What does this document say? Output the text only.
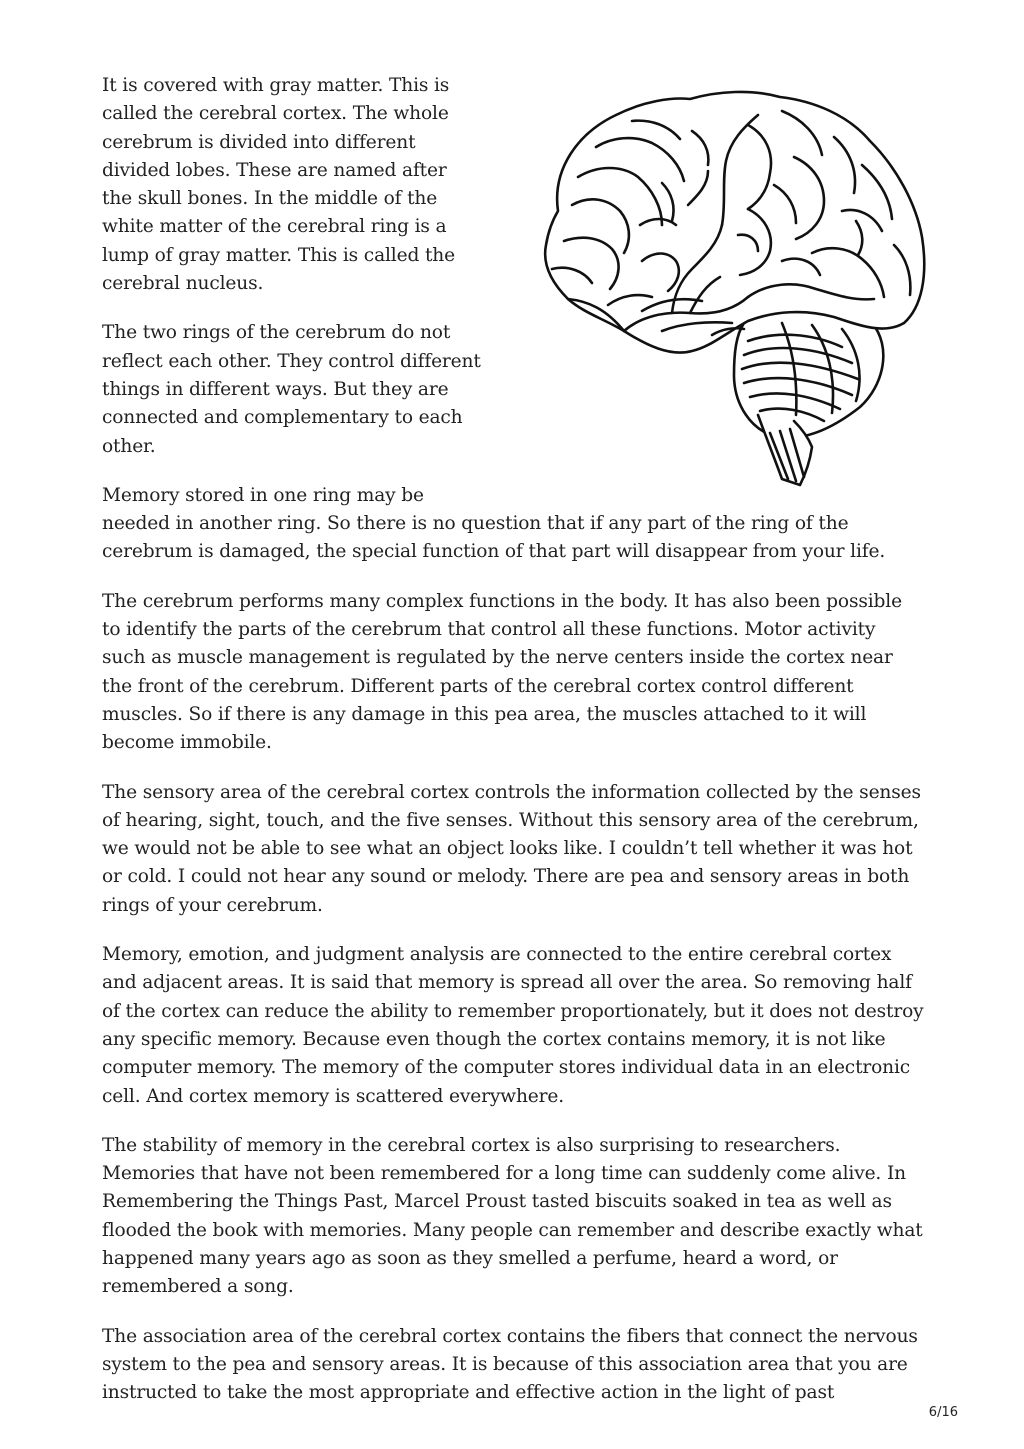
It is covered with gray matter. This is called the cerebral cortex. The whole cerebrum is divided into different divided lobes. These are named after the skull bones. In the middle of the white matter of the cerebral ring is a lump of gray matter. This is called the cerebral nucleus.

The two rings of the cerebrum do not reflect each other. They control different things in different ways. But they are connected and complementary to each other.

Memory stored in one ring may be needed in another ring. So there is no question that if any part of the ring of the cerebrum is damaged, the special function of that part will disappear from your life.

The cerebrum performs many complex functions in the body. It has also been possible to identify the parts of the cerebrum that control all these functions. Motor activity such as muscle management is regulated by the nerve centers inside the cortex near the front of the cerebrum. Different parts of the cerebral cortex control different muscles. So if there is any damage in this pea area, the muscles attached to it will become immobile.

The sensory area of the cerebral cortex controls the information collected by the senses of hearing, sight, touch, and the five senses. Without this sensory area of the cerebrum, we would not be able to see what an object looks like. I couldn’t tell whether it was hot or cold. I could not hear any sound or melody. There are pea and sensory areas in both rings of your cerebrum.

Memory, emotion, and judgment analysis are connected to the entire cerebral cortex and adjacent areas. It is said that memory is spread all over the area. So removing half of the cortex can reduce the ability to remember proportionately, but it does not destroy any specific memory. Because even though the cortex contains memory, it is not like computer memory. The memory of the computer stores individual data in an electronic cell. And cortex memory is scattered everywhere.

The stability of memory in the cerebral cortex is also surprising to researchers. Memories that have not been remembered for a long time can suddenly come alive. In Remembering the Things Past, Marcel Proust tasted biscuits soaked in tea as well as flooded the book with memories. Many people can remember and describe exactly what happened many years ago as soon as they smelled a perfume, heard a word, or remembered a song.

The association area of the cerebral cortex contains the fibers that connect the nervous system to the pea and sensory areas. It is because of this association area that you are instructed to take the most appropriate and effective action in the light of past

6/16
